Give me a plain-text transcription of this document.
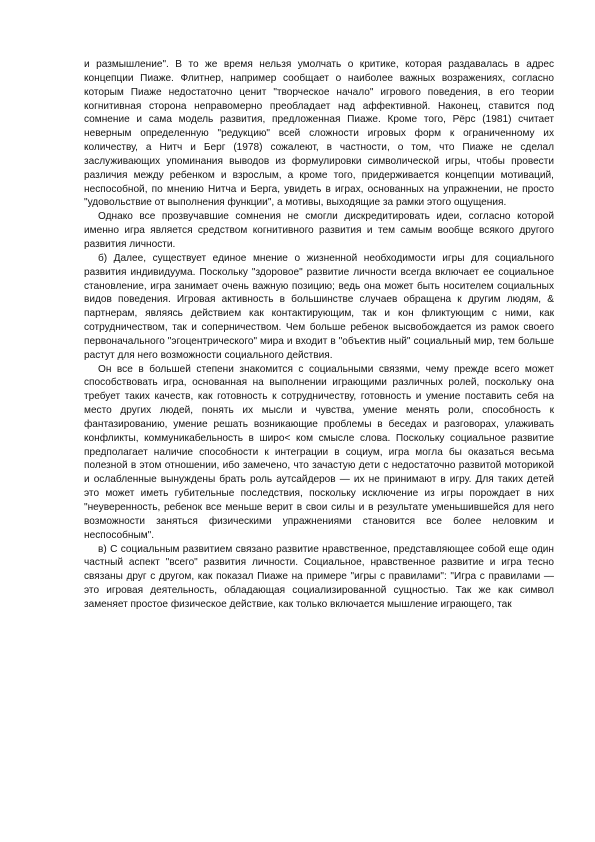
и размышление". В то же время нельзя умолчать о критике, которая раздавалась в адрес концепции Пиаже. Флитнер, например сообщает о наиболее важных возражениях, согласно которым Пиаже недостаточно ценит "творческое начало" игрового поведения, в его теории когнитивная сторона неправомерно преобладает над аффективной. Наконец, ставится под сомнение и сама модель развития, предложенная Пиаже. Кроме того, Рёрс (1981) считает неверным определенную "редукцию" всей сложности игровых форм к ограниченному их количеству, а Нитч и Берг (1978) сожалеют, в частности, о том, что Пиаже не сделал заслуживающих упоминания выводов из формулировки символической игры, чтобы провести различия между ребенком и взрослым, а кроме того, придерживается концепции мотиваций, неспособной, по мнению Нитча и Берга, увидеть в играх, основанных на упражнении, не просто "удовольствие от выполнения функции", а мотивы, выходящие за рамки этого ощущения.

Однако все прозвучавшие сомнения не смогли дискредитировать идеи, согласно которой именно игра является средством когнитивного развития и тем самым вообще всякого другого развития личности.

б) Далее, существует единое мнение о жизненной необходимости игры для социального развития индивидуума. Поскольку "здоровое" развитие личности всегда включает ее социальное становление, игра занимает очень важную позицию; ведь она может быть носителем социальных видов поведения. Игровая активность в большинстве случаев обращена к другим людям, & партнерам, являясь действием как контактирующим, так и кон фликтующим с ними, как сотрудничеством, так и соперничеством. Чем больше ребенок высвобождается из рамок своего первоначального "эгоцентрического" мира и входит в "объектив ный" социальный мир, тем больше растут для него возможности социального действия.

Он все в большей степени знакомится с социальными связями, чему прежде всего может способствовать игра, основанная на выполнении играющими различных ролей, поскольку она требует таких качеств, как готовность к сотрудничеству, готовность и умение поставить себя на место других людей, понять их мысли и чувства, умение менять роли, способность к фантазированию, умение решать возникающие проблемы в беседах и разговорах, улаживать конфликты, коммуникабельность в широ< ком смысле слова. Поскольку социальное развитие предполагает наличие способности к интеграции в социум, игра могла бы оказаться весьма полезной в этом отношении, ибо замечено, что зачастую дети с недостаточно развитой моторикой и ослабленные вынуждены брать роль аутсайдеров — их не принимают в игру. Для таких детей это может иметь губительные последствия, поскольку исключение из игры порождает в них "неуверенность, ребенок все меньше верит в свои силы и в результате уменьшившейся для него возможности заняться физическими упражнениями становится все более неловким и неспособным".

в) С социальным развитием связано развитие нравственное, представляющее собой еще один частный аспект "всего" развития личности. Социальное, нравственное развитие и игра тесно связаны друг с другом, как показал Пиаже на примере "игры с правилами": "Игра с правилами — это игровая деятельность, обладающая социализированной сущностью. Так же как символ заменяет простое физическое действие, как только включается мышление играющего, так
